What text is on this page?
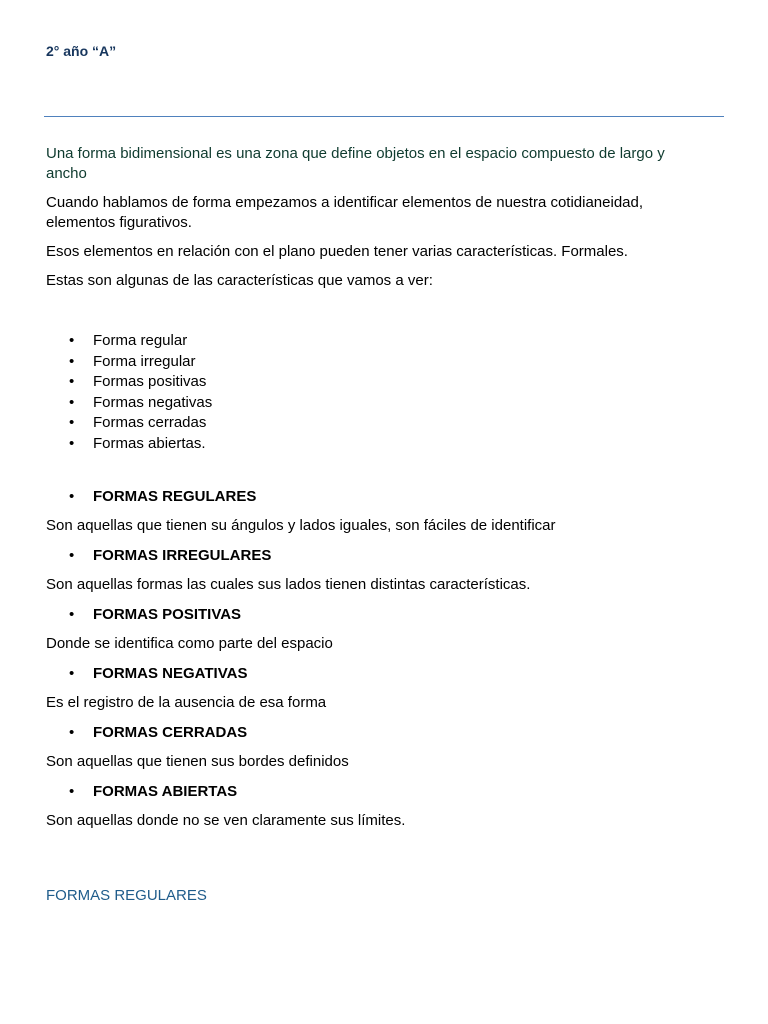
2° año “A”

Una forma bidimensional es una zona que define objetos en el espacio compuesto de largo y ancho

Cuando hablamos de forma empezamos a identificar elementos de nuestra cotidianeidad, elementos figurativos.

Esos elementos en relación con el plano pueden tener varias características. Formales.

Estas son algunas de las características que vamos a ver:

• Forma regular
• Forma irregular
• Formas positivas
• Formas negativas
• Formas cerradas
• Formas abiertas.
• FORMAS REGULARES
Son aquellas que tienen su ángulos y lados iguales, son fáciles de identificar
• FORMAS IRREGULARES
Son aquellas formas las cuales sus lados tienen distintas características.
• FORMAS POSITIVAS
Donde se identifica como parte del espacio
• FORMAS NEGATIVAS
Es el registro de la ausencia de esa forma
• FORMAS CERRADAS
Son aquellas que tienen sus bordes definidos
• FORMAS ABIERTAS
Son aquellas donde no se ven claramente sus límites.
FORMAS REGULARES
